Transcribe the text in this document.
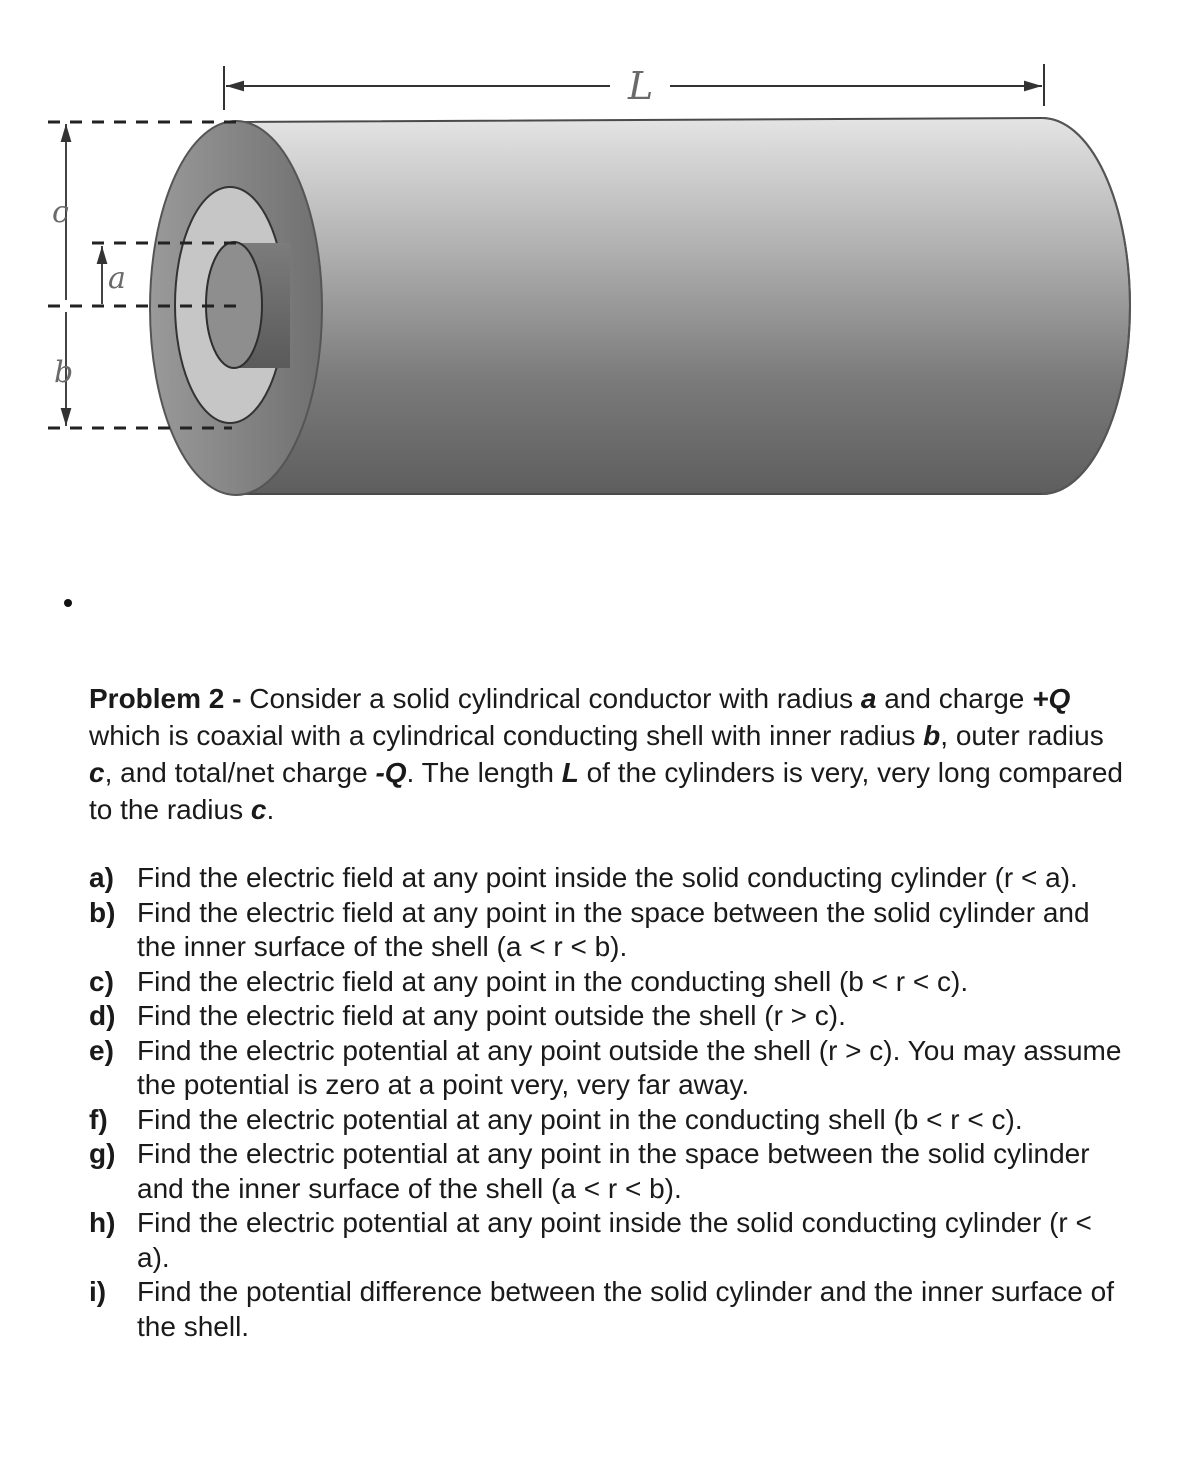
L
c
a
b

Problem 2 - Consider a solid cylindrical conductor with radius a and charge +Q which is coaxial with a cylindrical conducting shell with inner radius b, outer radius c, and total/net charge -Q. The length L of the cylinders is very, very long compared to the radius c.

a) Find the electric field at any point inside the solid conducting cylinder (r < a).
b) Find the electric field at any point in the space between the solid cylinder and the inner surface of the shell (a < r < b).
c) Find the electric field at any point in the conducting shell (b < r < c).
d) Find the electric field at any point outside the shell (r > c).
e) Find the electric potential at any point outside the shell (r > c). You may assume the potential is zero at a point very, very far away.
f)	Find the electric potential at any point in the conducting shell (b < r < c).
g) Find the electric potential at any point in the space between the solid cylinder and the inner surface of the shell (a < r < b).
h) Find the electric potential at any point inside the solid conducting cylinder (r < a).
i)	Find the potential difference between the solid cylinder and the inner surface of the shell.
